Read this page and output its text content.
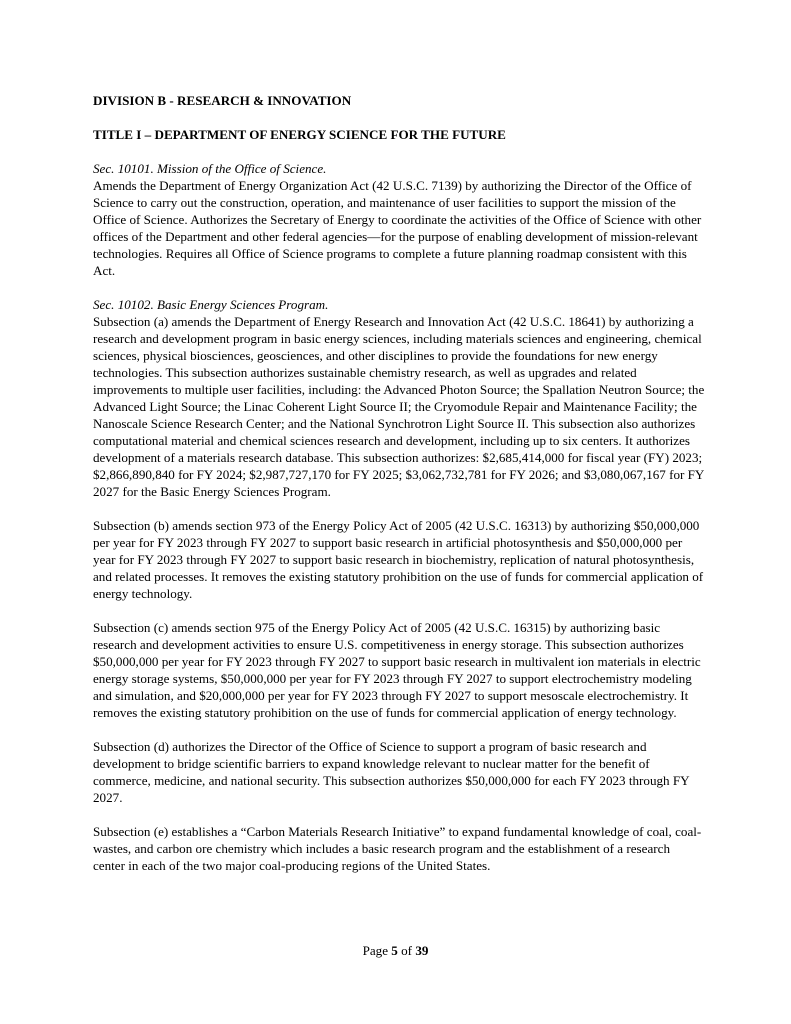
DIVISION B - RESEARCH & INNOVATION

TITLE I – DEPARTMENT OF ENERGY SCIENCE FOR THE FUTURE

Sec. 10101. Mission of the Office of Science.

Amends the Department of Energy Organization Act (42 U.S.C. 7139) by authorizing the Director of the Office of Science to carry out the construction, operation, and maintenance of user facilities to support the mission of the Office of Science. Authorizes the Secretary of Energy to coordinate the activities of the Office of Science with other offices of the Department and other federal agencies—for the purpose of enabling development of mission-relevant technologies. Requires all Office of Science programs to complete a future planning roadmap consistent with this Act.

Sec. 10102. Basic Energy Sciences Program.

Subsection (a) amends the Department of Energy Research and Innovation Act (42 U.S.C. 18641) by authorizing a research and development program in basic energy sciences, including materials sciences and engineering, chemical sciences, physical biosciences, geosciences, and other disciplines to provide the foundations for new energy technologies. This subsection authorizes sustainable chemistry research, as well as upgrades and related improvements to multiple user facilities, including: the Advanced Photon Source; the Spallation Neutron Source; the Advanced Light Source; the Linac Coherent Light Source II; the Cryomodule Repair and Maintenance Facility; the Nanoscale Science Research Center; and the National Synchrotron Light Source II. This subsection also authorizes computational material and chemical sciences research and development, including up to six centers. It authorizes development of a materials research database. This subsection authorizes: $2,685,414,000 for fiscal year (FY) 2023; $2,866,890,840 for FY 2024; $2,987,727,170 for FY 2025; $3,062,732,781 for FY 2026; and $3,080,067,167 for FY 2027 for the Basic Energy Sciences Program.

Subsection (b) amends section 973 of the Energy Policy Act of 2005 (42 U.S.C. 16313) by authorizing $50,000,000 per year for FY 2023 through FY 2027 to support basic research in artificial photosynthesis and $50,000,000 per year for FY 2023 through FY 2027 to support basic research in biochemistry, replication of natural photosynthesis, and related processes. It removes the existing statutory prohibition on the use of funds for commercial application of energy technology.

Subsection (c) amends section 975 of the Energy Policy Act of 2005 (42 U.S.C. 16315) by authorizing basic research and development activities to ensure U.S. competitiveness in energy storage. This subsection authorizes $50,000,000 per year for FY 2023 through FY 2027 to support basic research in multivalent ion materials in electric energy storage systems, $50,000,000 per year for FY 2023 through FY 2027 to support electrochemistry modeling and simulation, and $20,000,000 per year for FY 2023 through FY 2027 to support mesoscale electrochemistry. It removes the existing statutory prohibition on the use of funds for commercial application of energy technology.

Subsection (d) authorizes the Director of the Office of Science to support a program of basic research and development to bridge scientific barriers to expand knowledge relevant to nuclear matter for the benefit of commerce, medicine, and national security. This subsection authorizes $50,000,000 for each FY 2023 through FY 2027.

Subsection (e) establishes a “Carbon Materials Research Initiative” to expand fundamental knowledge of coal, coal-wastes, and carbon ore chemistry which includes a basic research program and the establishment of a research center in each of the two major coal-producing regions of the United States.

Page 5 of 39
